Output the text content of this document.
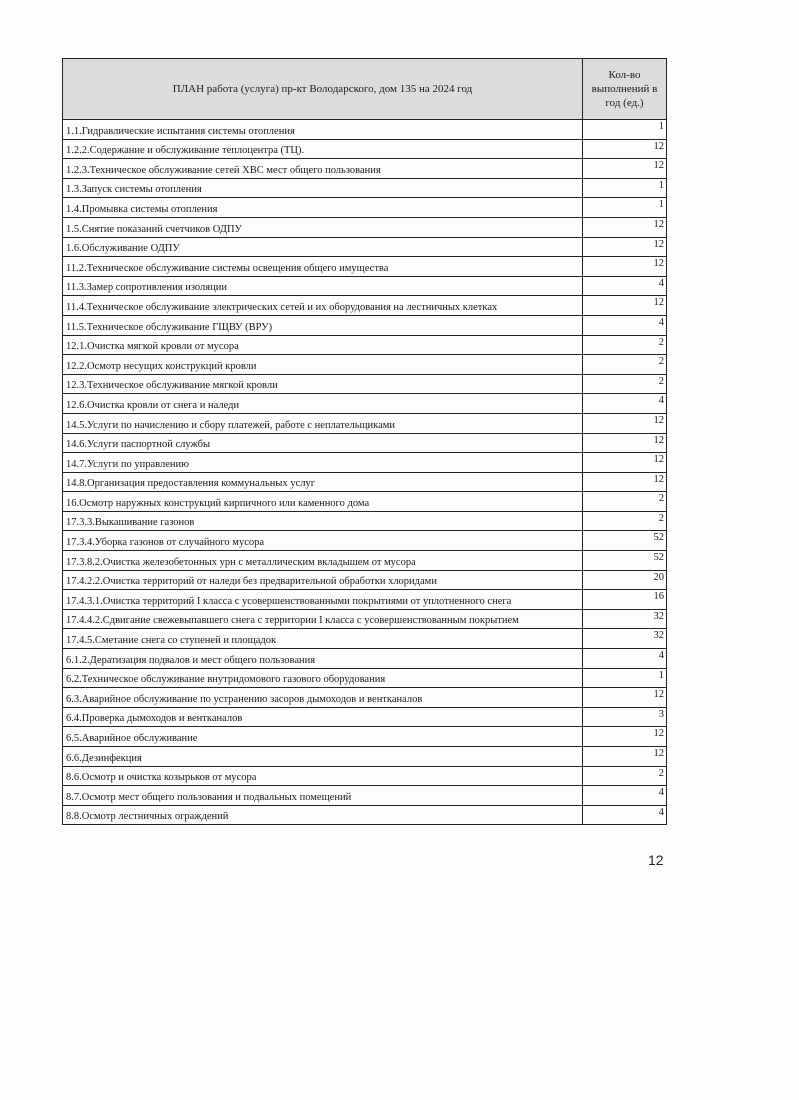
ПЛАН работа (услуга) пр-кт Володарского, дом 135 на 2024 год	Кол-во выполнений в год (ед.)
1.1.Гидравлические испытания системы отопления	1
1.2.2.Содержание и обслуживание теплоцентра (ТЦ).	12
1.2.3.Техническое обслуживание сетей ХВС мест общего пользования	12
1.3.Запуск системы отопления	1
1.4.Промывка системы отопления	1
1.5.Снятие показаний счетчиков ОДПУ	12
1.6.Обслуживание ОДПУ	12
11.2.Техническое обслуживание системы освещения общего имущества	12
11.3.Замер сопротивления изоляции	4
11.4.Техническое обслуживание электрических сетей и их оборудования на лестничных клетках	12
11.5.Техническое обслуживание ГЩВУ (ВРУ)	4
12.1.Очистка мягкой кровли от мусора	2
12.2.Осмотр несущих конструкций кровли	2
12.3.Техническое обслуживание мягкой кровли	2
12.6.Очистка кровли от снега и наледи	4
14.5.Услуги по начислению и сбору платежей, работе с неплательщиками	12
14.6.Услуги паспортной службы	12
14.7.Услуги по управлению	12
14.8.Организация предоставления коммунальных услуг	12
16.Осмотр наружных конструкций кирпичного или каменного дома	2
17.3.3.Выкашивание газонов	2
17.3.4.Уборка газонов от случайного мусора	52
17.3.8.2.Очистка железобетонных урн с металлическим вкладышем от мусора	52
17.4.2.2.Очистка территорий от наледи без предварительной обработки хлоридами	20
17.4.3.1.Очистка территорий I класса с усовершенствованными покрытиями от уплотненного снега	16
17.4.4.2.Сдвигание свежевыпавшего снега с территории I класса с усовершенствованным покрытием	32
17.4.5.Сметание снега со ступеней и площадок	32
6.1.2.Дератизация подвалов и мест общего пользования	4
6.2.Техническое обслуживание внутридомового газового оборудования	1
6.3.Аварийное обслуживание по устранению засоров дымоходов и вентканалов	12
6.4.Проверка дымоходов и вентканалов	3
6.5.Аварийное обслуживание	12
6.6.Дезинфекция	12
8.6.Осмотр и очистка козырьков от мусора	2
8.7.Осмотр мест общего пользования и подвальных помещений	4
8.8.Осмотр лестничных ограждений	4
12
